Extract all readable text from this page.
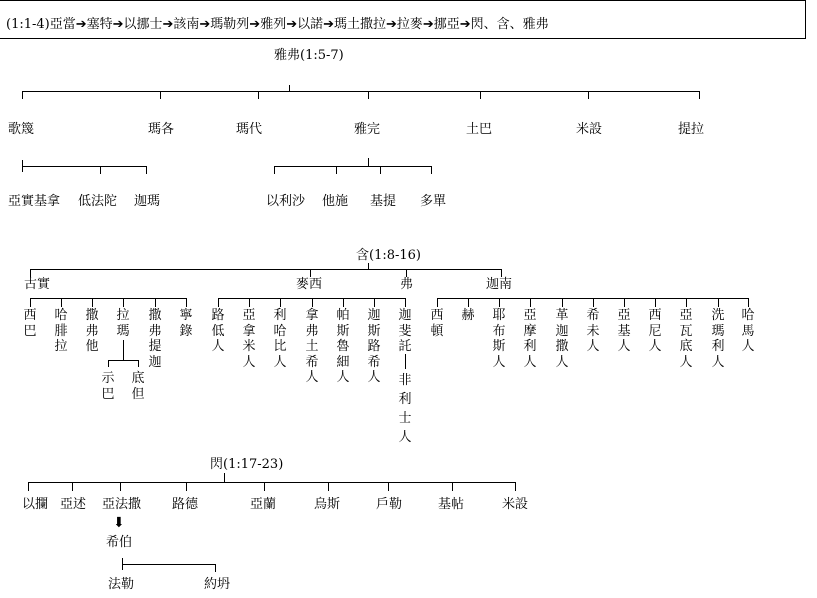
(1:1-4)亞當➔塞特➔以挪士➔該南➔瑪勒列➔雅列➔以諾➔瑪土撒拉➔拉麥➔挪亞➔閃、含、雅弗
雅弗(1:5-7)
歌篾	瑪各	瑪代	雅完	土巴	米設	提拉
亞實基拿 低法陀 迦瑪	以利沙 他施 基提 多單
含(1:8-16)
古實	麥西	弗	迦南
西巴
哈腓拉
撒弗他
拉瑪
撒弗提迦
寧錄
示巴
底但
路低人
亞拿米人
利哈比人
拿弗土希人
帕斯魯細人
迦斯路希人
迦斐託
非利士人
西頓
赫 耶布斯人
亞摩利人
革迦撒人
希未人
亞基人
西尼人
亞瓦底人
洗瑪利人
哈馬人
閃(1:17-23)
以攔 亞述 亞法撒 路德	亞蘭	烏斯	戶勒	基帖	米設
⬇
希伯
法勒	約坍
